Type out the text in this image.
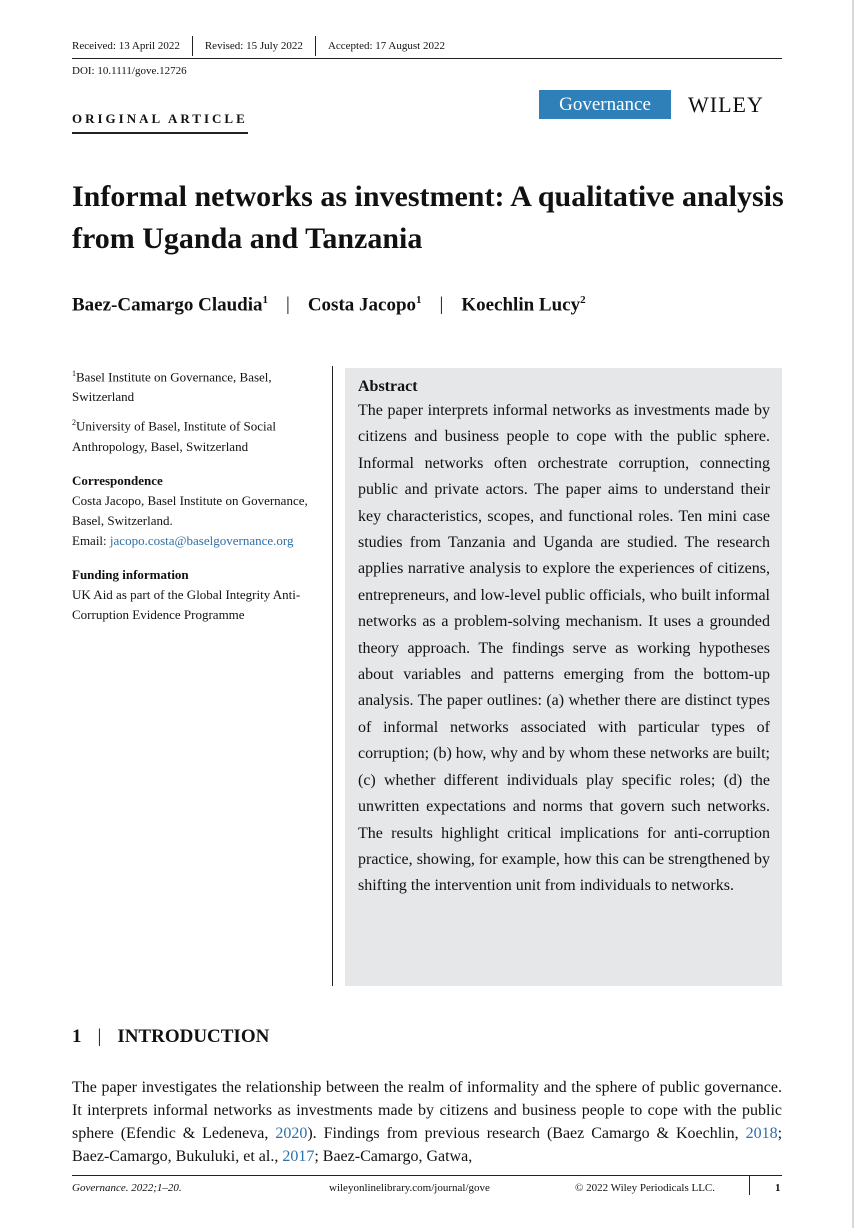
Received: 13 April 2022	Revised: 15 July 2022	Accepted: 17 August 2022
DOI: 10.1111/gove.12726
Governance	WILEY
ORIGINAL ARTICLE
Informal networks as investment: A qualitative analysis from Uganda and Tanzania
Baez-Camargo Claudia$^1$ | Costa Jacopo$^1$ | Koechlin Lucy$^2$

$^1$Basel Institute on Governance, Basel, Switzerland

$^2$University of Basel, Institute of Social Anthropology, Basel, Switzerland

Correspondence

Costa Jacopo, Basel Institute on Governance, Basel, Switzerland.

Email: jacopo.costa@baselgovernance.org

Funding information

UK Aid as part of the Global Integrity Anti-Corruption Evidence Programme

Abstract

The paper interprets informal networks as investments made by citizens and business people to cope with the public sphere. Informal networks often orchestrate corruption, connecting public and private actors. The paper aims to understand their key characteristics, scopes, and functional roles. Ten mini case studies from Tanzania and Uganda are studied. The research applies narrative analysis to explore the experiences of citizens, entrepreneurs, and low-level public officials, who built informal networks as a problem-solving mechanism. It uses a grounded theory approach. The findings serve as working hypotheses about variables and patterns emerging from the bottom-up analysis. The paper outlines: (a) whether there are distinct types of informal networks associated with particular types of corruption; (b) how, why and by whom these networks are built; (c) whether different individuals play specific roles; (d) the unwritten expectations and norms that govern such networks. The results highlight critical implications for anti-corruption practice, showing, for example, how this can be strengthened by shifting the intervention unit from individuals to networks.

1 | INTRODUCTION

The paper investigates the relationship between the realm of informality and the sphere of public governance. It interprets informal networks as investments made by citizens and business people to cope with the public sphere (Efendic & Ledeneva, 2020). Findings from previous research (Baez Camargo & Koechlin, 2018; Baez-Camargo, Bukuluki, et al., 2017; Baez-Camargo, Gatwa,

Governance. 2022;1–20.	wileyonlinelibrary.com/journal/gove	© 2022 Wiley Periodicals LLC.	1
